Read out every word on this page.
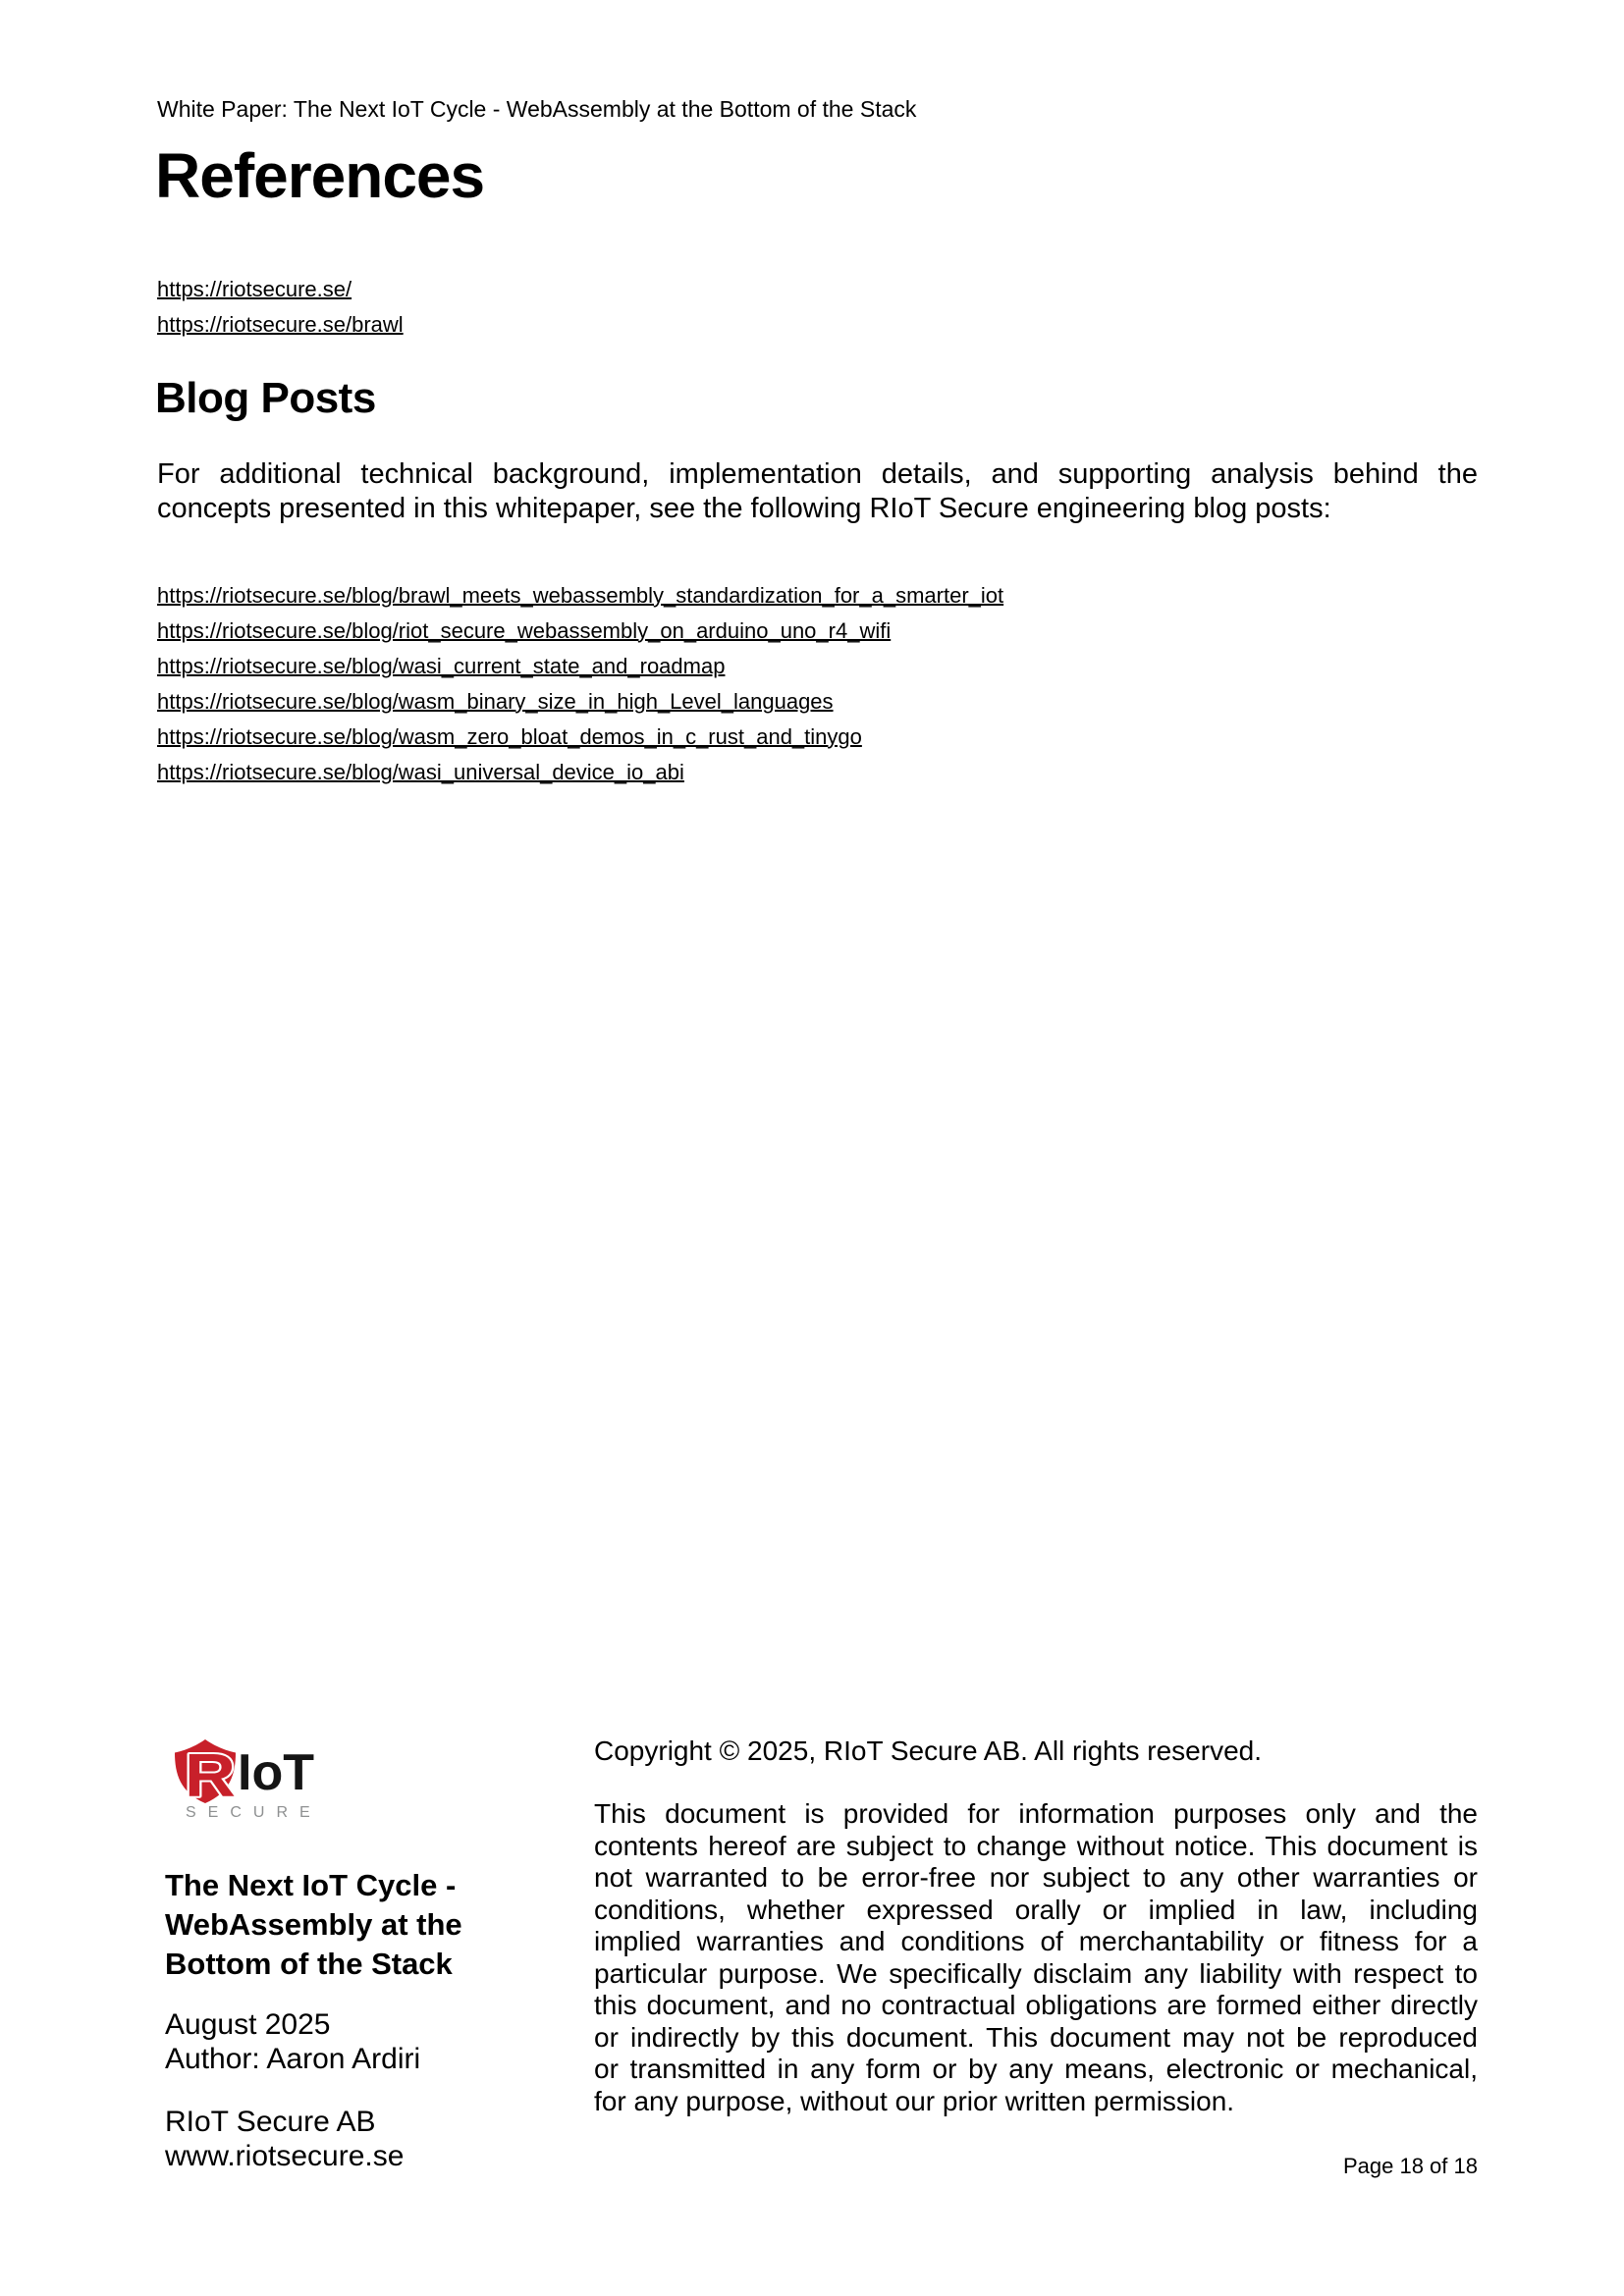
White Paper: The Next IoT Cycle - WebAssembly at the Bottom of the Stack
References
https://riotsecure.se/
https://riotsecure.se/brawl
Blog Posts
For additional technical background, implementation details, and supporting analysis behind the
concepts presented in this whitepaper, see the following RIoT Secure engineering blog posts:
https://riotsecure.se/blog/brawl_meets_webassembly_standardization_for_a_smarter_iot
https://riotsecure.se/blog/riot_secure_webassembly_on_arduino_uno_r4_wifi
https://riotsecure.se/blog/wasi_current_state_and_roadmap
https://riotsecure.se/blog/wasm_binary_size_in_high_Level_languages
https://riotsecure.se/blog/wasm_zero_bloat_demos_in_c_rust_and_tinygo
https://riotsecure.se/blog/wasi_universal_device_io_abi
R IoT
SECURE
The Next IoT Cycle - WebAssembly at the Bottom of the Stack
August 2025
Author: Aaron Ardiri
RIoT Secure AB
www.riotsecure.se
Copyright © 2025, RIoT Secure AB. All rights reserved.
This document is provided for information purposes only and the
contents hereof are subject to change without notice. This document is
not warranted to be error-free nor subject to any other warranties or
conditions, whether expressed orally or implied in law, including
implied warranties and conditions of merchantability or fitness for a
particular purpose. We specifically disclaim any liability with respect to
this document, and no contractual obligations are formed either directly
or indirectly by this document. This document may not be reproduced
or transmitted in any form or by any means, electronic or mechanical,
for any purpose, without our prior written permission.
Page 18 of 18
